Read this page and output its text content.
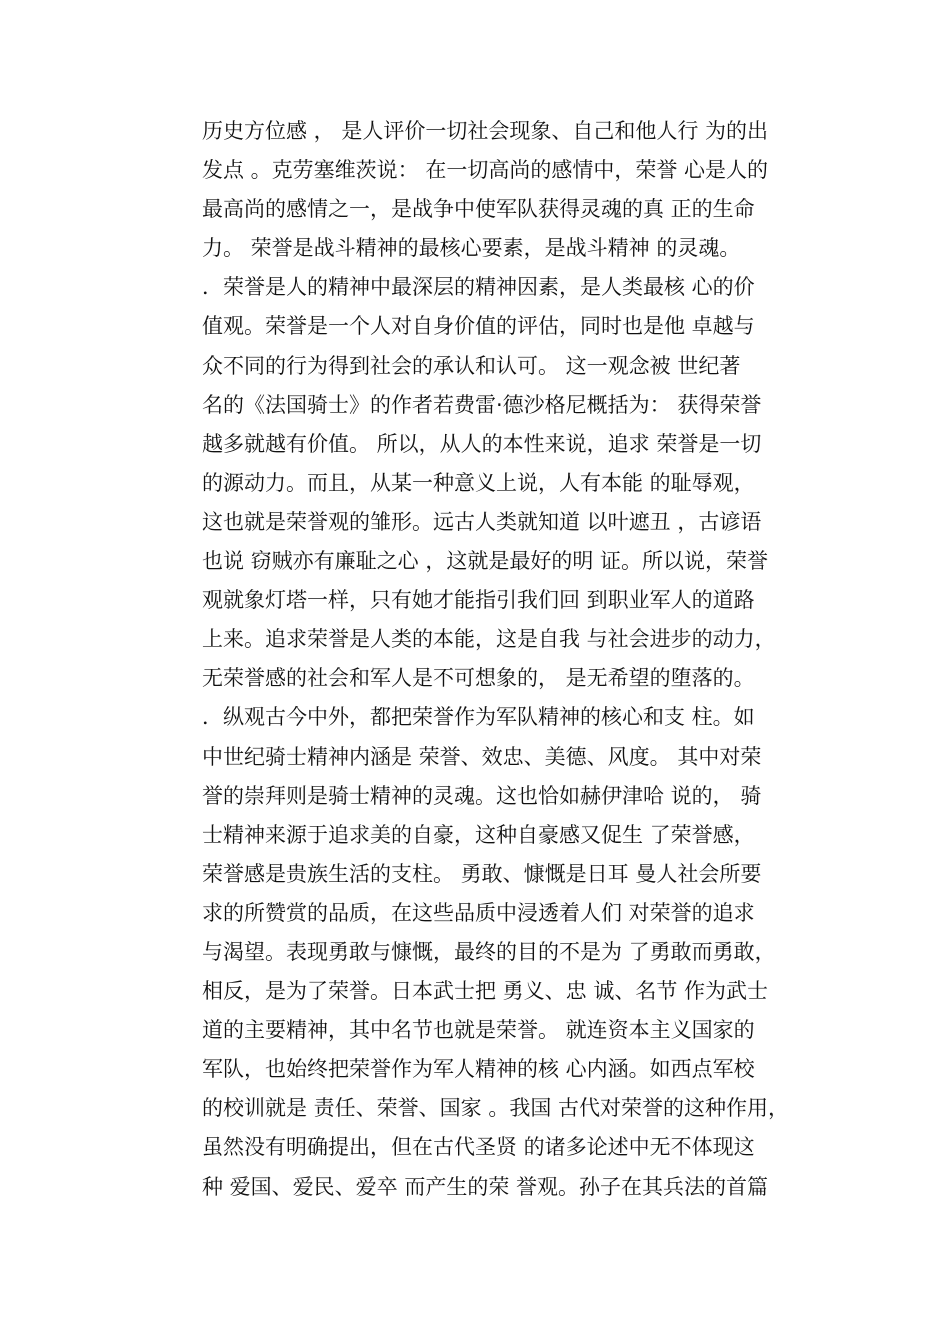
历史方位感 ， 是人评价一切社会现象、自己和他人行 为的出
发点 。克劳塞维茨说： 在一切高尚的感情中，荣誉 心是人的
最高尚的感情之一，是战争中使军队获得灵魂的真 正的生命
力。 荣誉是战斗精神的最核心要素，是战斗精神 的灵魂。
．荣誉是人的精神中最深层的精神因素，是人类最核 心的价
值观。荣誉是一个人对自身价值的评估，同时也是他 卓越与
众不同的行为得到社会的承认和认可。 这一观念被 世纪著
名的《法国骑士》的作者若费雷·德沙格尼概括为： 获得荣誉
越多就越有价值。 所以，从人的本性来说，追求 荣誉是一切
的源动力。而且，从某一种意义上说，人有本能 的耻辱观，
这也就是荣誉观的雏形。远古人类就知道 以叶遮丑 ，古谚语
也说 窃贼亦有廉耻之心 ，这就是最好的明 证。所以说，荣誉
观就象灯塔一样，只有她才能指引我们回 到职业军人的道路
上来。追求荣誉是人类的本能，这是自我 与社会进步的动力，
无荣誉感的社会和军人是不可想象的， 是无希望的堕落的。
．纵观古今中外，都把荣誉作为军队精神的核心和支 柱。如
中世纪骑士精神内涵是 荣誉、效忠、美德、风度。 其中对荣
誉的崇拜则是骑士精神的灵魂。这也恰如赫伊津哈 说的， 骑
士精神来源于追求美的自豪，这种自豪感又促生 了荣誉感，
荣誉感是贵族生活的支柱。 勇敢、慷慨是日耳 曼人社会所要
求的所赞赏的品质，在这些品质中浸透着人们 对荣誉的追求
与渴望。表现勇敢与慷慨，最终的目的不是为 了勇敢而勇敢，
相反，是为了荣誉。日本武士把 勇义、忠 诚、名节 作为武士
道的主要精神，其中名节也就是荣誉。 就连资本主义国家的
军队，也始终把荣誉作为军人精神的核 心内涵。如西点军校
的校训就是 责任、荣誉、国家 。我国 古代对荣誉的这种作用，
虽然没有明确提出，但在古代圣贤 的诸多论述中无不体现这
种 爱国、爱民、爱卒 而产生的荣 誉观。孙子在其兵法的首篇
